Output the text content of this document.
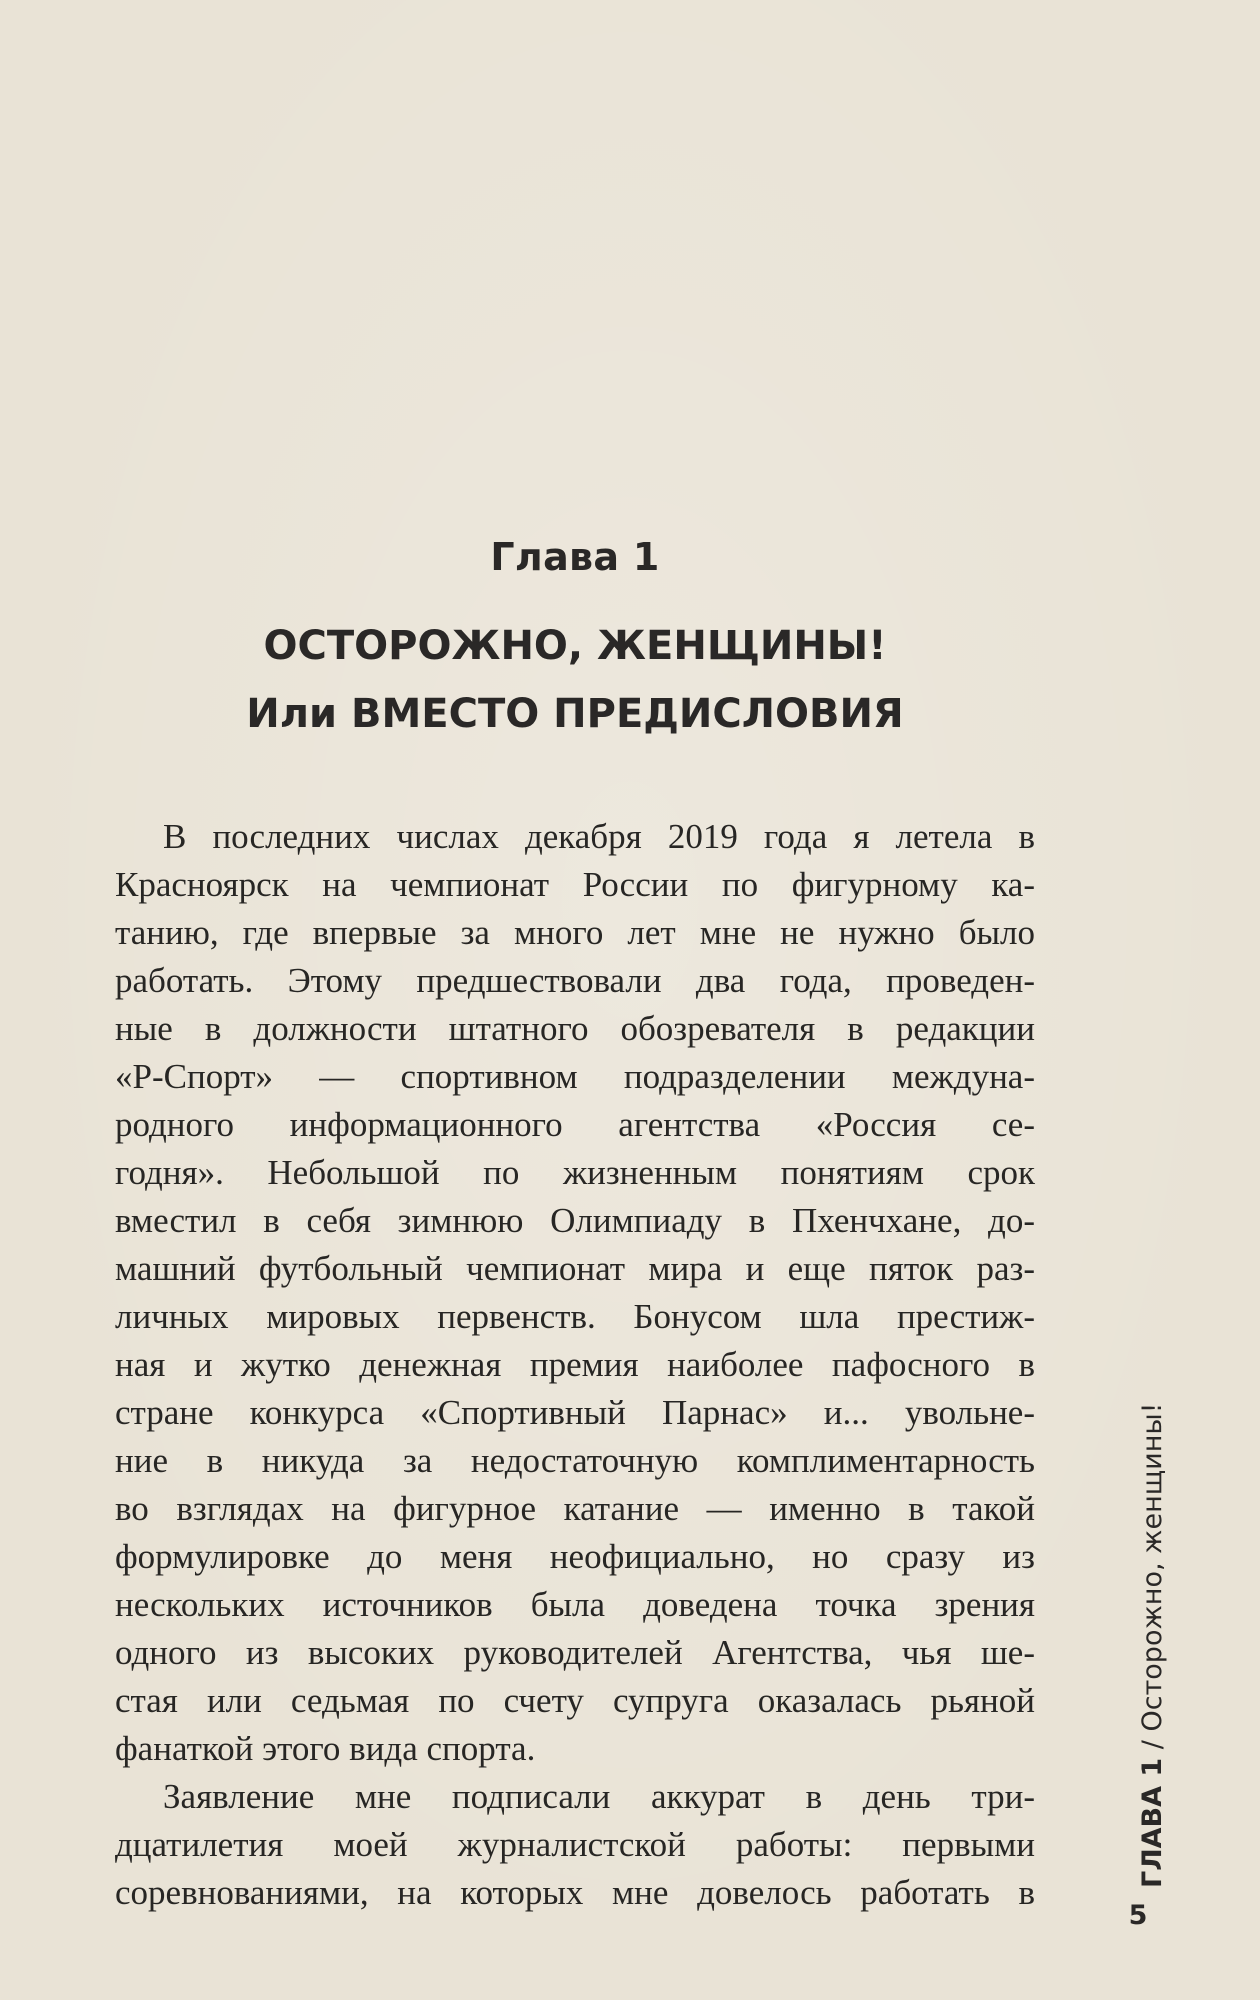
Глава 1
ОСТОРОЖНО, ЖЕНЩИНЫ!
Или ВМЕСТО ПРЕДИСЛОВИЯ
В последних числах декабря 2019 года я летела в
Красноярск на чемпионат России по фигурному ка-
танию, где впервые за много лет мне не нужно было
работать. Этому предшествовали два года, проведен-
ные в должности штатного обозревателя в редакции
«Р-Спорт» — спортивном подразделении междуна-
родного информационного агентства «Россия се-
годня». Небольшой по жизненным понятиям срок
вместил в себя зимнюю Олимпиаду в Пхенчхане, до-
машний футбольный чемпионат мира и еще пяток раз-
личных мировых первенств. Бонусом шла престиж-
ная и жутко денежная премия наиболее пафосного в
стране конкурса «Спортивный Парнас» и... увольне-
ние в никуда за недостаточную комплиментарность
во взглядах на фигурное катание — именно в такой
формулировке до меня неофициально, но сразу из
нескольких источников была доведена точка зрения
одного из высоких руководителей Агентства, чья ше-
стая или седьмая по счету супруга оказалась рьяной
фанаткой этого вида спорта.
Заявление мне подписали аккурат в день три-
дцатилетия моей журналистской работы: первыми
соревнованиями, на которых мне довелось работать в
ГЛАВА 1 / Осторожно, женщины!
5
